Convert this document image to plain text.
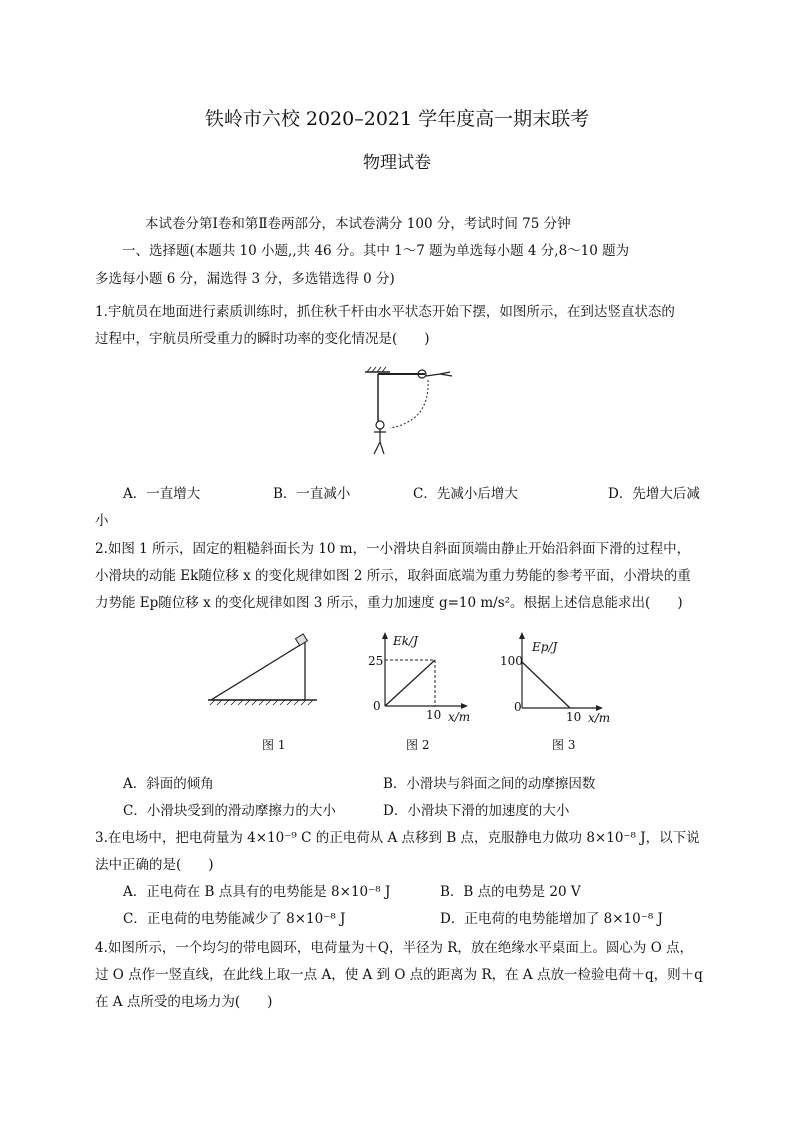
铁岭市六校 2020–2021 学年度高一期末联考
物理试卷
本试卷分第Ⅰ卷和第Ⅱ卷两部分，本试卷满分 100 分，考试时间 75 分钟
一、选择题(本题共 10 小题,,共 46 分。其中 1～7 题为单选每小题 4 分,8～10 题为
多选每小题 6 分，漏选得 3 分，多选错选得 0 分)
1.宇航员在地面进行素质训练时，抓住秋千杆由水平状态开始下摆，如图所示，在到达竖直状态的
过程中，宇航员所受重力的瞬时功率的变化情况是(　　)
A．一直增大	B．一直减小	C．先减小后增大	D．先增大后减
小
2.如图 1 所示，固定的粗糙斜面长为 10 m，一小滑块自斜面顶端由静止开始沿斜面下滑的过程中，
小滑块的动能 Ek随位移 x 的变化规律如图 2 所示，取斜面底端为重力势能的参考平面，小滑块的重
力势能 Ep随位移 x 的变化规律如图 3 所示，重力加速度 g=10 m/s²。根据上述信息能求出(　　)
图 1
Ek/J
25
0
10 x/m
图 2
Ep/J
100
0
10 x/m
图 3
A．斜面的倾角	B．小滑块与斜面之间的动摩擦因数
C．小滑块受到的滑动摩擦力的大小	D．小滑块下滑的加速度的大小
3.在电场中，把电荷量为 4×10⁻⁹ C 的正电荷从 A 点移到 B 点，克服静电力做功 8×10⁻⁸ J，以下说
法中正确的是(　　)
A．正电荷在 B 点具有的电势能是 8×10⁻⁸ J	B．B 点的电势是 20 V
C．正电荷的电势能减少了 8×10⁻⁸ J	D．正电荷的电势能增加了 8×10⁻⁸ J
4.如图所示，一个均匀的带电圆环，电荷量为＋Q，半径为 R，放在绝缘水平桌面上。圆心为 O 点，
过 O 点作一竖直线，在此线上取一点 A，使 A 到 O 点的距离为 R，在 A 点放一检验电荷＋q，则＋q
在 A 点所受的电场力为(　　)
